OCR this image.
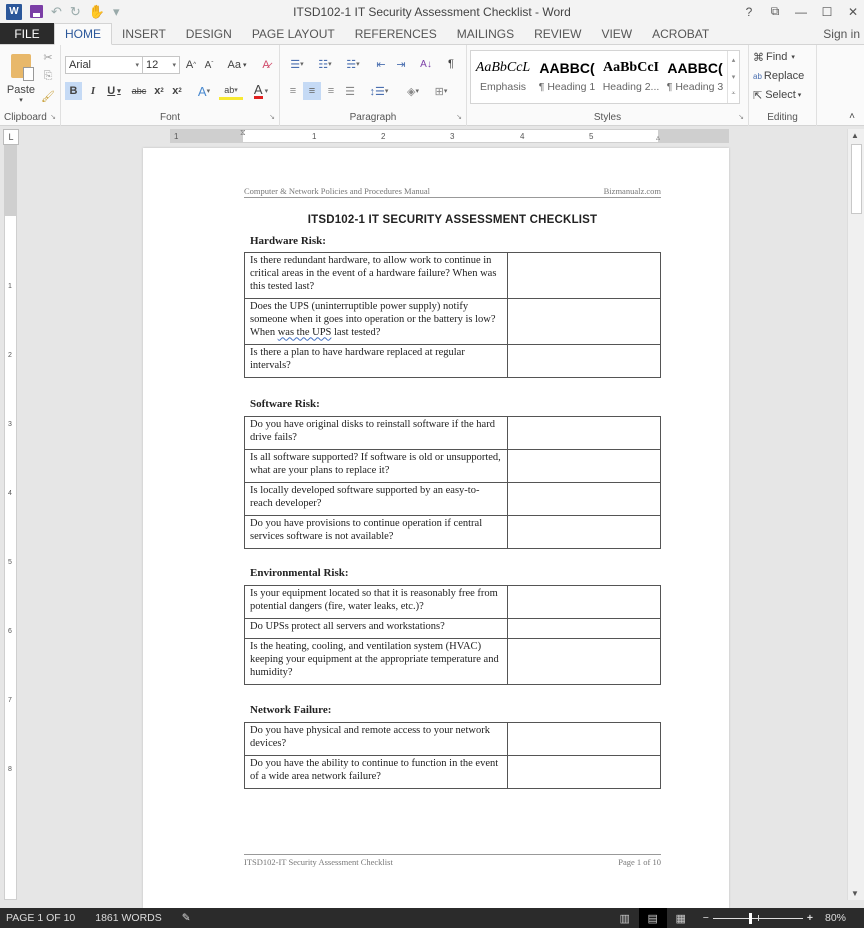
W ↶ ↻ ✋ ▾	ITSD102-1 IT Security Assessment Checklist - Word	?	⧉	—	☐	✕
FILE	HOME	INSERT	DESIGN	PAGE LAYOUT	REFERENCES	MAILINGS	REVIEW	VIEW	ACROBAT	Sign in
Paste
▾
✂
⎘
🖌
Clipboard ↘
Arial	▾ 12 ▾ A ^ A ˇ Aa ▾	A̷
B	I	U ▾	abc x 2 x 2	A ▾	ab ▾ A ▾
Font	↘
☰ ▾	☷ ▾	☵ ▾	⇤ ⇥	A↓	¶
≡	≡	≡ ☰	↕☰ ▾	◈ ▾	⊞ ▾
Paragraph	↘	Styles	↘
AaBbCcL
Emphasis
AABBC(
¶ Heading 1
AaBbCcI
Heading 2...
AABBC(
¶ Heading 3
▴
▾
⩡
⌘ Find ▾
ab Replace
⇱ Select ▾
Editing	˄
L	1	1	2	3	4	5
⧖
▵
1
2
3
4
5
6
7
8
Computer & Network Policies and Procedures Manual	Bizmanualz.com
ITSD102-1 IT SECURITY ASSESSMENT CHECKLIST
Hardware Risk:
Is there redundant hardware, to allow work to continue in critical areas in the event of a hardware failure? When was this tested last?	
Does the UPS (uninterruptible power supply) notify someone when it goes into operation or the battery is low? When was the UPS last tested?	
Is there a plan to have hardware replaced at regular intervals?	
Software Risk:
Do you have original disks to reinstall software if the hard drive fails?	
Is all software supported? If software is old or unsupported, what are your plans to replace it?	
Is locally developed software supported by an easy-to-reach developer?	
Do you have provisions to continue operation if central services software is not available?	
Environmental Risk:
Is your equipment located so that it is reasonably free from potential dangers (fire, water leaks, etc.)?	
Do UPSs protect all servers and workstations?	
Is the heating, cooling, and ventilation system (HVAC) keeping your equipment at the appropriate temperature and humidity?	
Network Failure:
Do you have physical and remote access to your network devices?	
Do you have the ability to continue to function in the event of a wide area network failure?	
ITSD102-IT Security Assessment Checklist	Page 1 of 10
▲
▼
PAGE 1 OF 10 1861 WORDS ✎	▥	▤	▦	−	+ 80%
